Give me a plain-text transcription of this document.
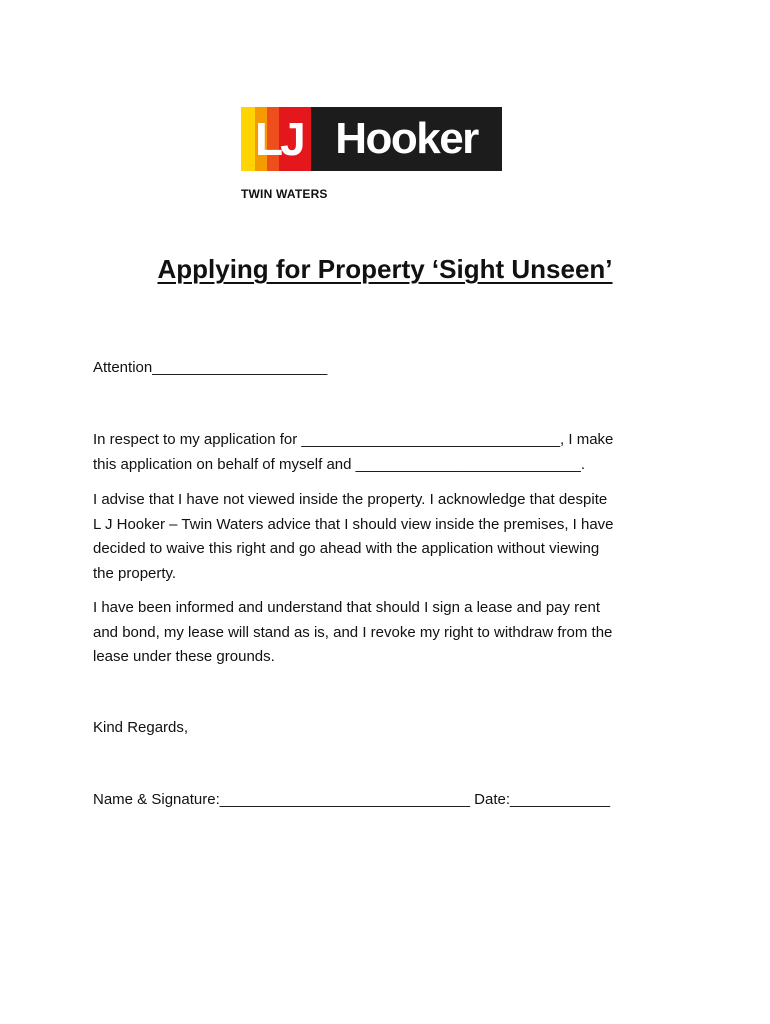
LJ Hooker
TWIN WATERS
Applying for Property ‘Sight Unseen’
Attention_____________________
In respect to my application for _______________________________, I make
this application on behalf of myself and ___________________________.
I advise that I have not viewed inside the property. I acknowledge that despite
L J Hooker – Twin Waters advice that I should view inside the premises, I have
decided to waive this right and go ahead with the application without viewing
the property.
I have been informed and understand that should I sign a lease and pay rent
and bond, my lease will stand as is, and I revoke my right to withdraw from the
lease under these grounds.
Kind Regards,
Name & Signature:______________________________ Date:____________
